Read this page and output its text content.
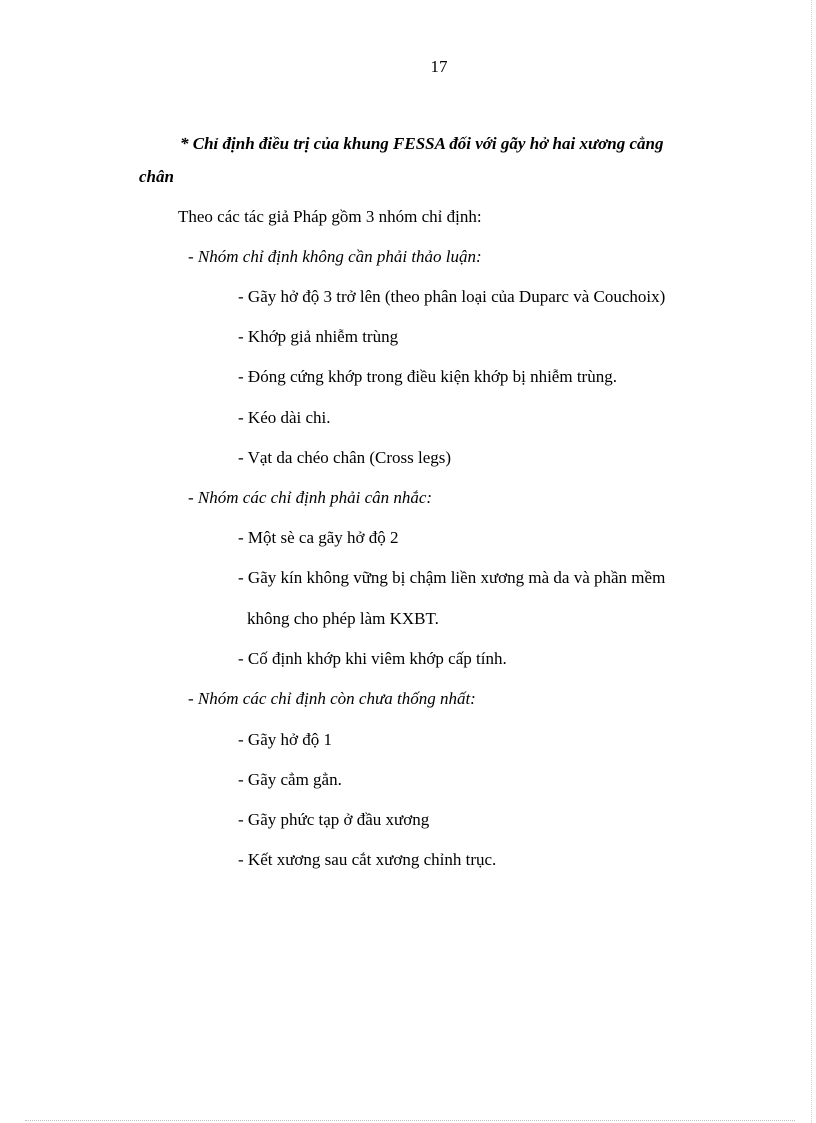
17
* Chỉ định điều trị của khung FESSA đối với gãy hở hai xương cẳng
chân
Theo các tác giả Pháp gồm 3 nhóm chỉ định:
- Nhóm chỉ định không cần phải thảo luận:
- Gãy hở độ 3 trở lên (theo phân loại của Duparc và Couchoix)
- Khớp giả nhiễm trùng
- Đóng cứng khớp trong điều kiện khớp bị nhiễm trùng.
- Kéo dài chi.
- Vạt da chéo chân (Cross legs)
- Nhóm các chỉ định phải cân nhắc:
- Một sè ca gãy hở độ 2
- Gãy kín không vững bị chậm liền xương mà da và phần mềm
không cho phép làm KXBT.
- Cố định khớp khi viêm khớp cấp tính.
- Nhóm các chỉ định còn chưa thống nhất:
- Gãy hở độ 1
- Gãy cẳm gẳn.
- Gãy phức tạp ở đầu xương
- Kết xương sau cắt xương chỉnh trục.
